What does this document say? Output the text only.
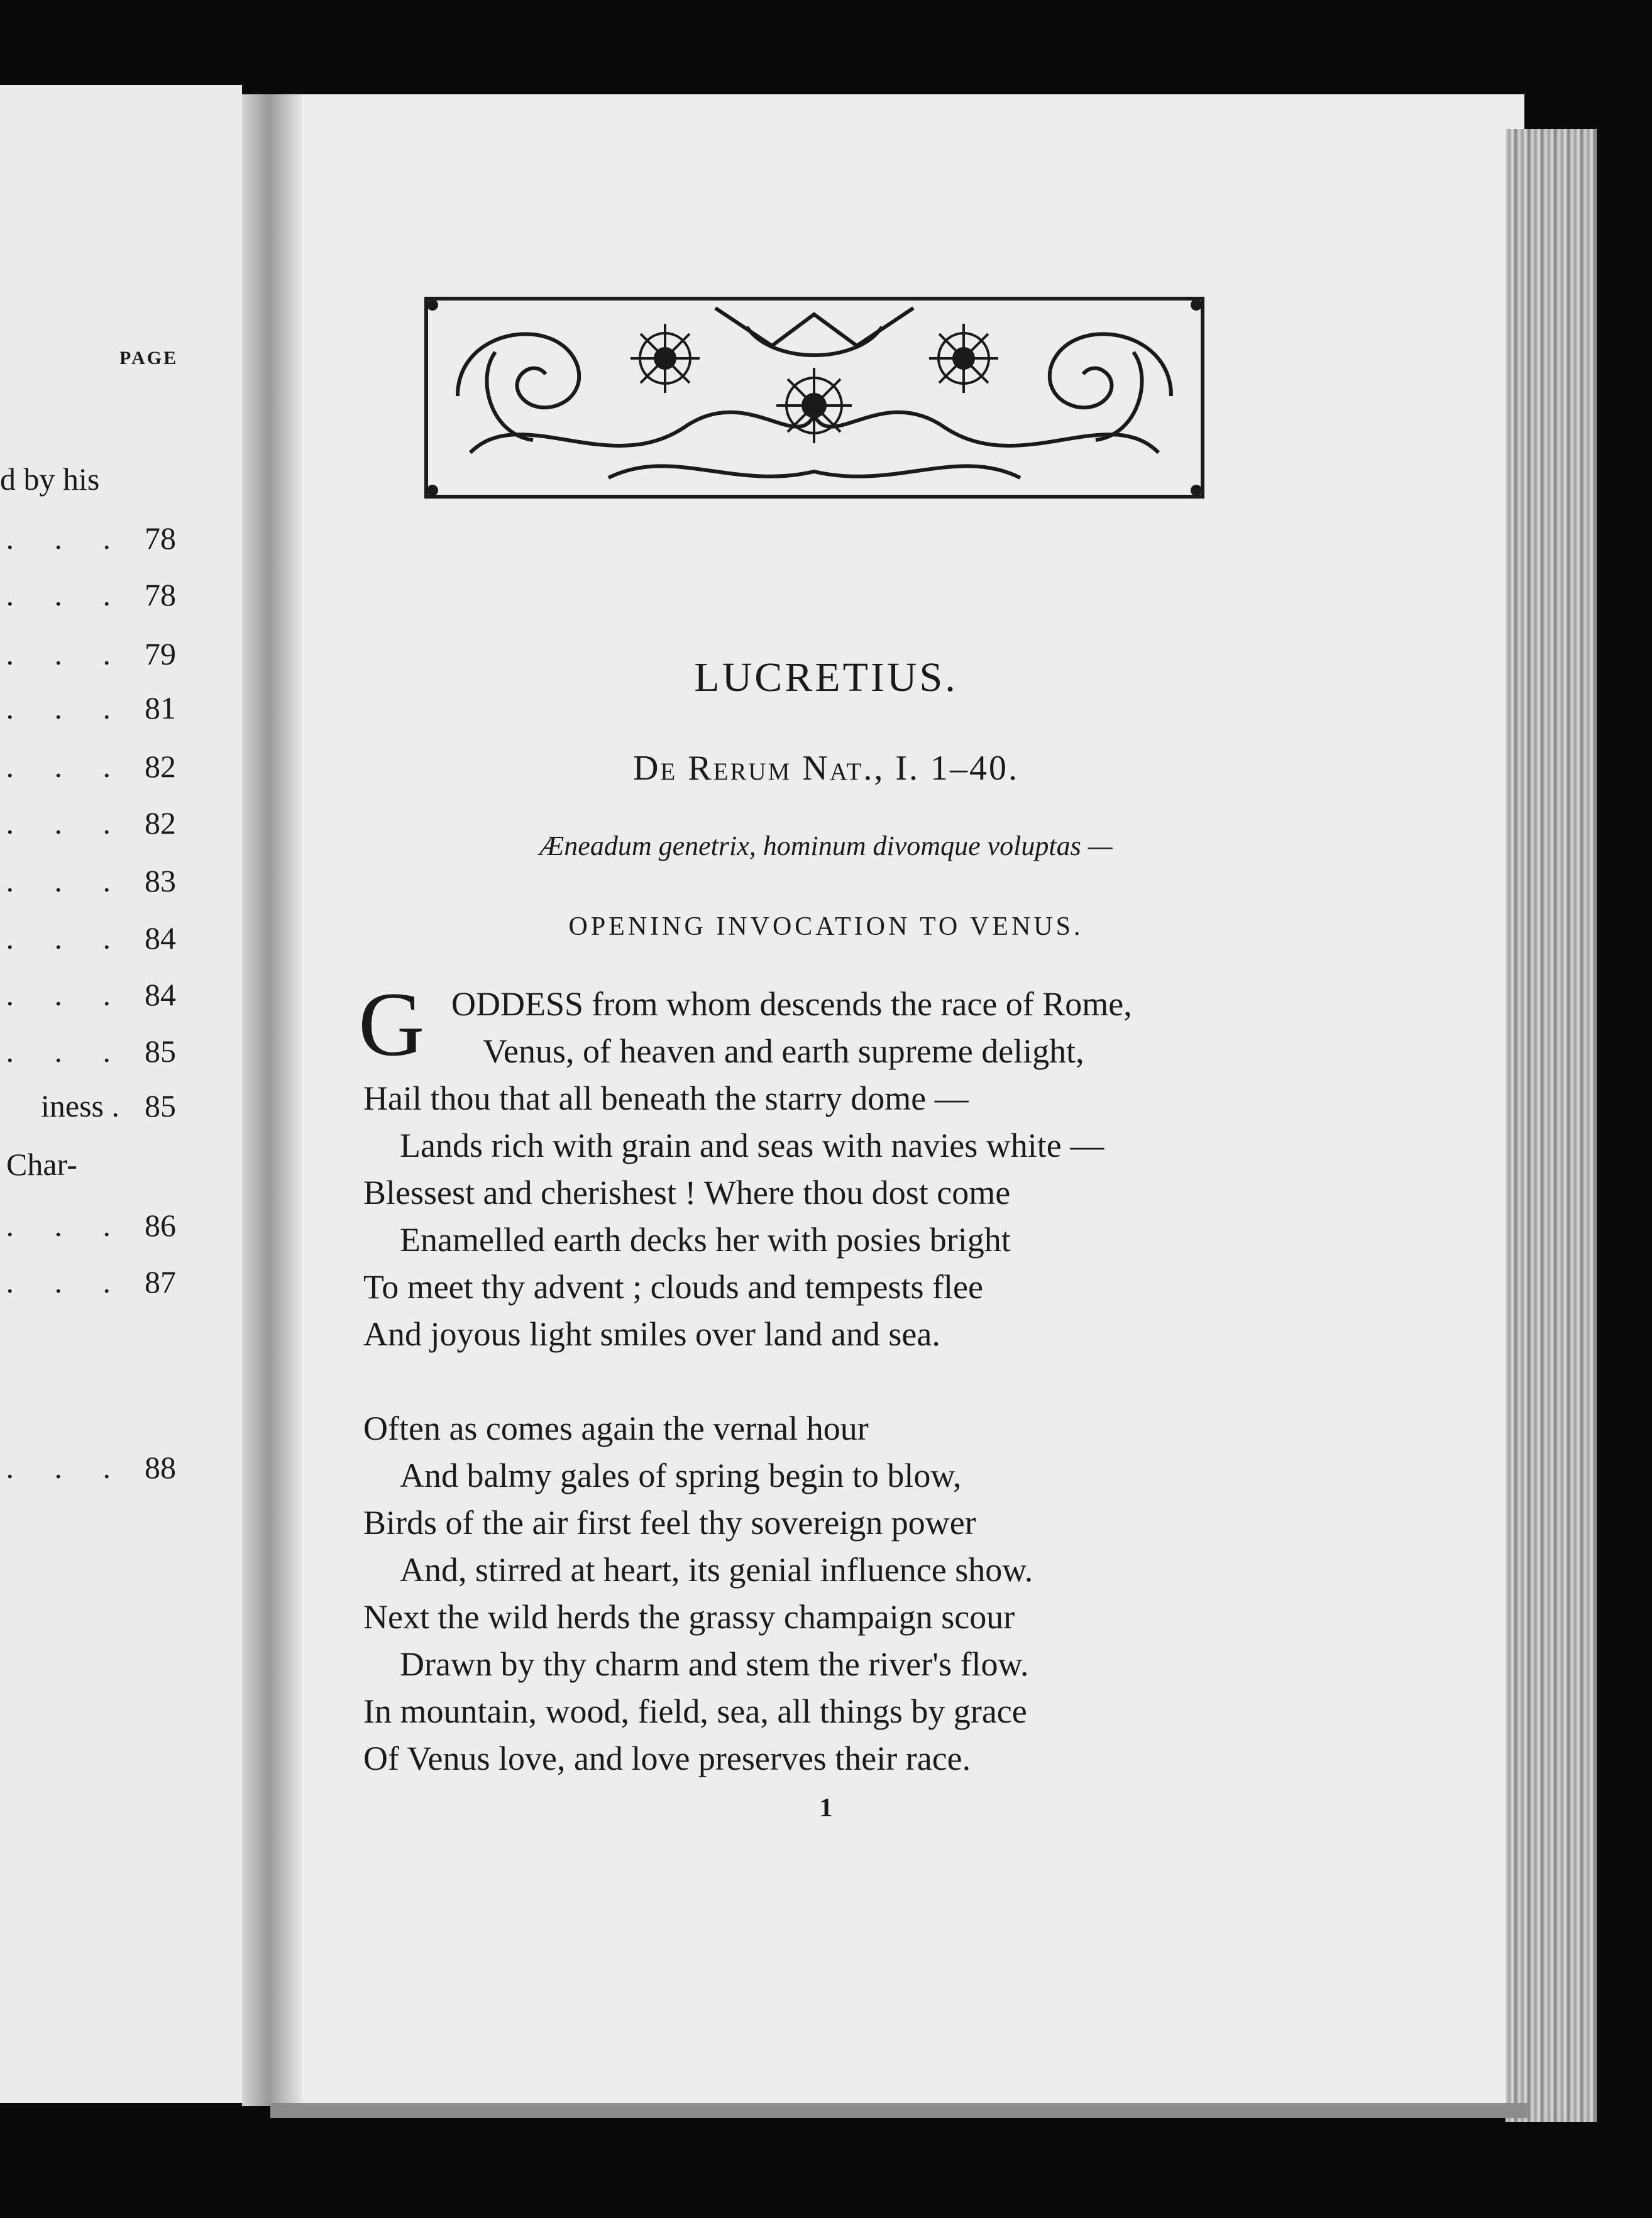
PAGE
d by his
. . . 78
. . . 78
. . . 79
. . . 81
. . . 82
. . . 82
. . . 83
. . . 84
. . . 84
. . . 85
iness . 85
Char-
. . . 86
. . . 87
. . . 88
LUCRETIUS.
De Rerum Nat., I. 1–40.
Æneadum genetrix, hominum divomque voluptas —
OPENING INVOCATION TO VENUS.
G ODDESS from whom descends the race of Rome,
Venus, of heaven and earth supreme delight,
Hail thou that all beneath the starry dome —
Lands rich with grain and seas with navies white —
Blessest and cherishest ! Where thou dost come
Enamelled earth decks her with posies bright
To meet thy advent ; clouds and tempests flee
And joyous light smiles over land and sea.
Often as comes again the vernal hour
And balmy gales of spring begin to blow,
Birds of the air first feel thy sovereign power
And, stirred at heart, its genial influence show.
Next the wild herds the grassy champaign scour
Drawn by thy charm and stem the river's flow.
In mountain, wood, field, sea, all things by grace
Of Venus love, and love preserves their race.
1
